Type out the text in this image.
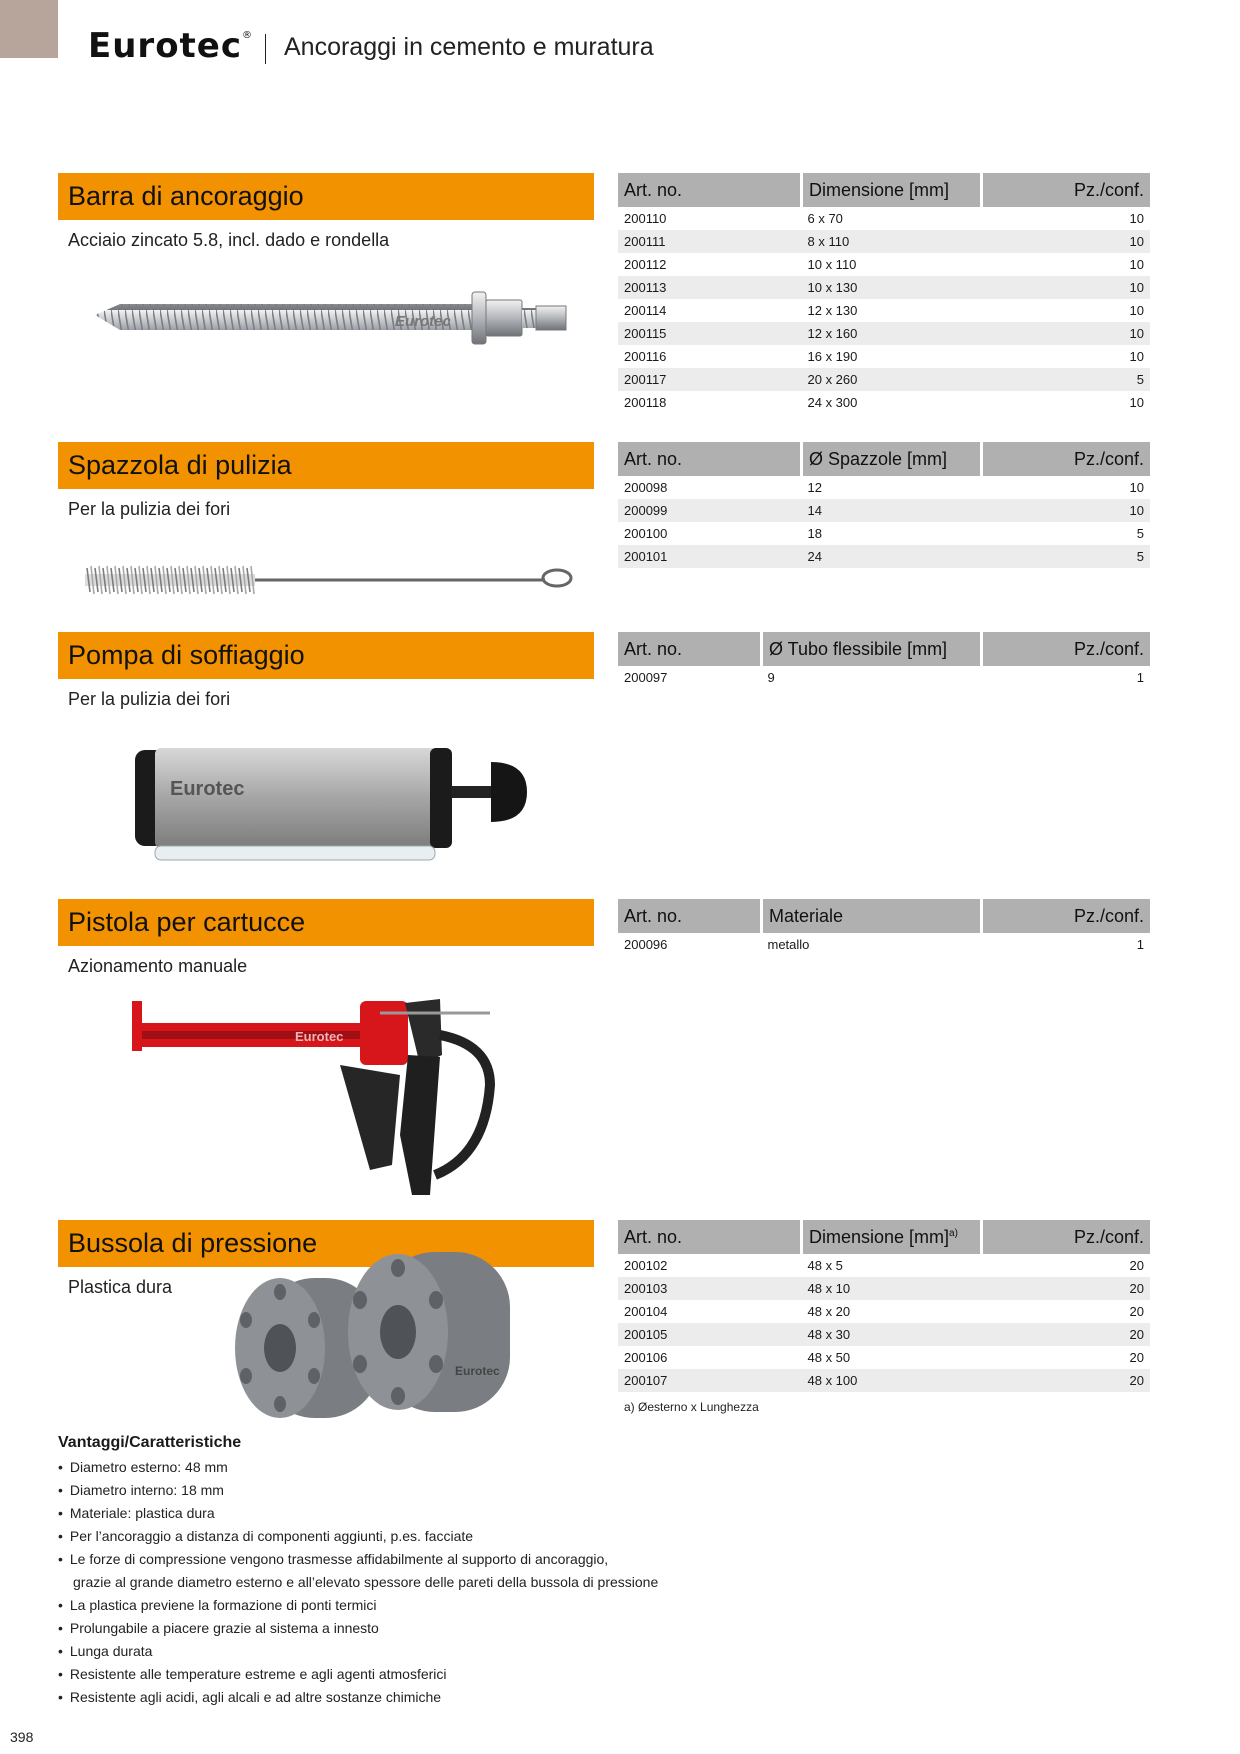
Eurotec® Ancoraggi in cemento e muratura
Barra di ancoraggio
Acciaio zincato 5.8, incl. dado e rondella
Eurotec
Art. no.	Dimensione [mm]	Pz./conf.
200110	6 x 70	10
200111	8 x 110	10
200112	10 x 110	10
200113	10 x 130	10
200114	12 x 130	10
200115	12 x 160	10
200116	16 x 190	10
200117	20 x 260	5
200118	24 x 300	10
Spazzola di pulizia
Per la pulizia dei fori
Art. no.	Ø Spazzole [mm]	Pz./conf.
200098	12	10
200099	14	10
200100	18	5
200101	24	5
Pompa di soffiaggio
Per la pulizia dei fori
Eurotec
Art. no.	Ø Tubo flessibile [mm]	Pz./conf.
200097	9	1
Pistola per cartucce
Azionamento manuale
Eurotec
Art. no.	Materiale	Pz./conf.
200096	metallo	1
Bussola di pressione
Plastica dura
Eurotec
Art. no.	Dimensione [mm]$^{a)}$	Pz./conf.
200102	48 x 5	20
200103	48 x 10	20
200104	48 x 20	20
200105	48 x 30	20
200106	48 x 50	20
200107	48 x 100	20
a) Øesterno x Lunghezza
Vantaggi/Caratteristiche
• Diametro esterno: 48 mm
• Diametro interno: 18 mm
• Materiale: plastica dura
• Per l’ancoraggio a distanza di componenti aggiunti, p.es. facciate
• Le forze di compressione vengono trasmesse affidabilmente al supporto di ancoraggio,
grazie al grande diametro esterno e all’elevato spessore delle pareti della bussola di pressione
• La plastica previene la formazione di ponti termici
• Prolungabile a piacere grazie al sistema a innesto
• Lunga durata
• Resistente alle temperature estreme e agli agenti atmosferici
• Resistente agli acidi, agli alcali e ad altre sostanze chimiche
398
